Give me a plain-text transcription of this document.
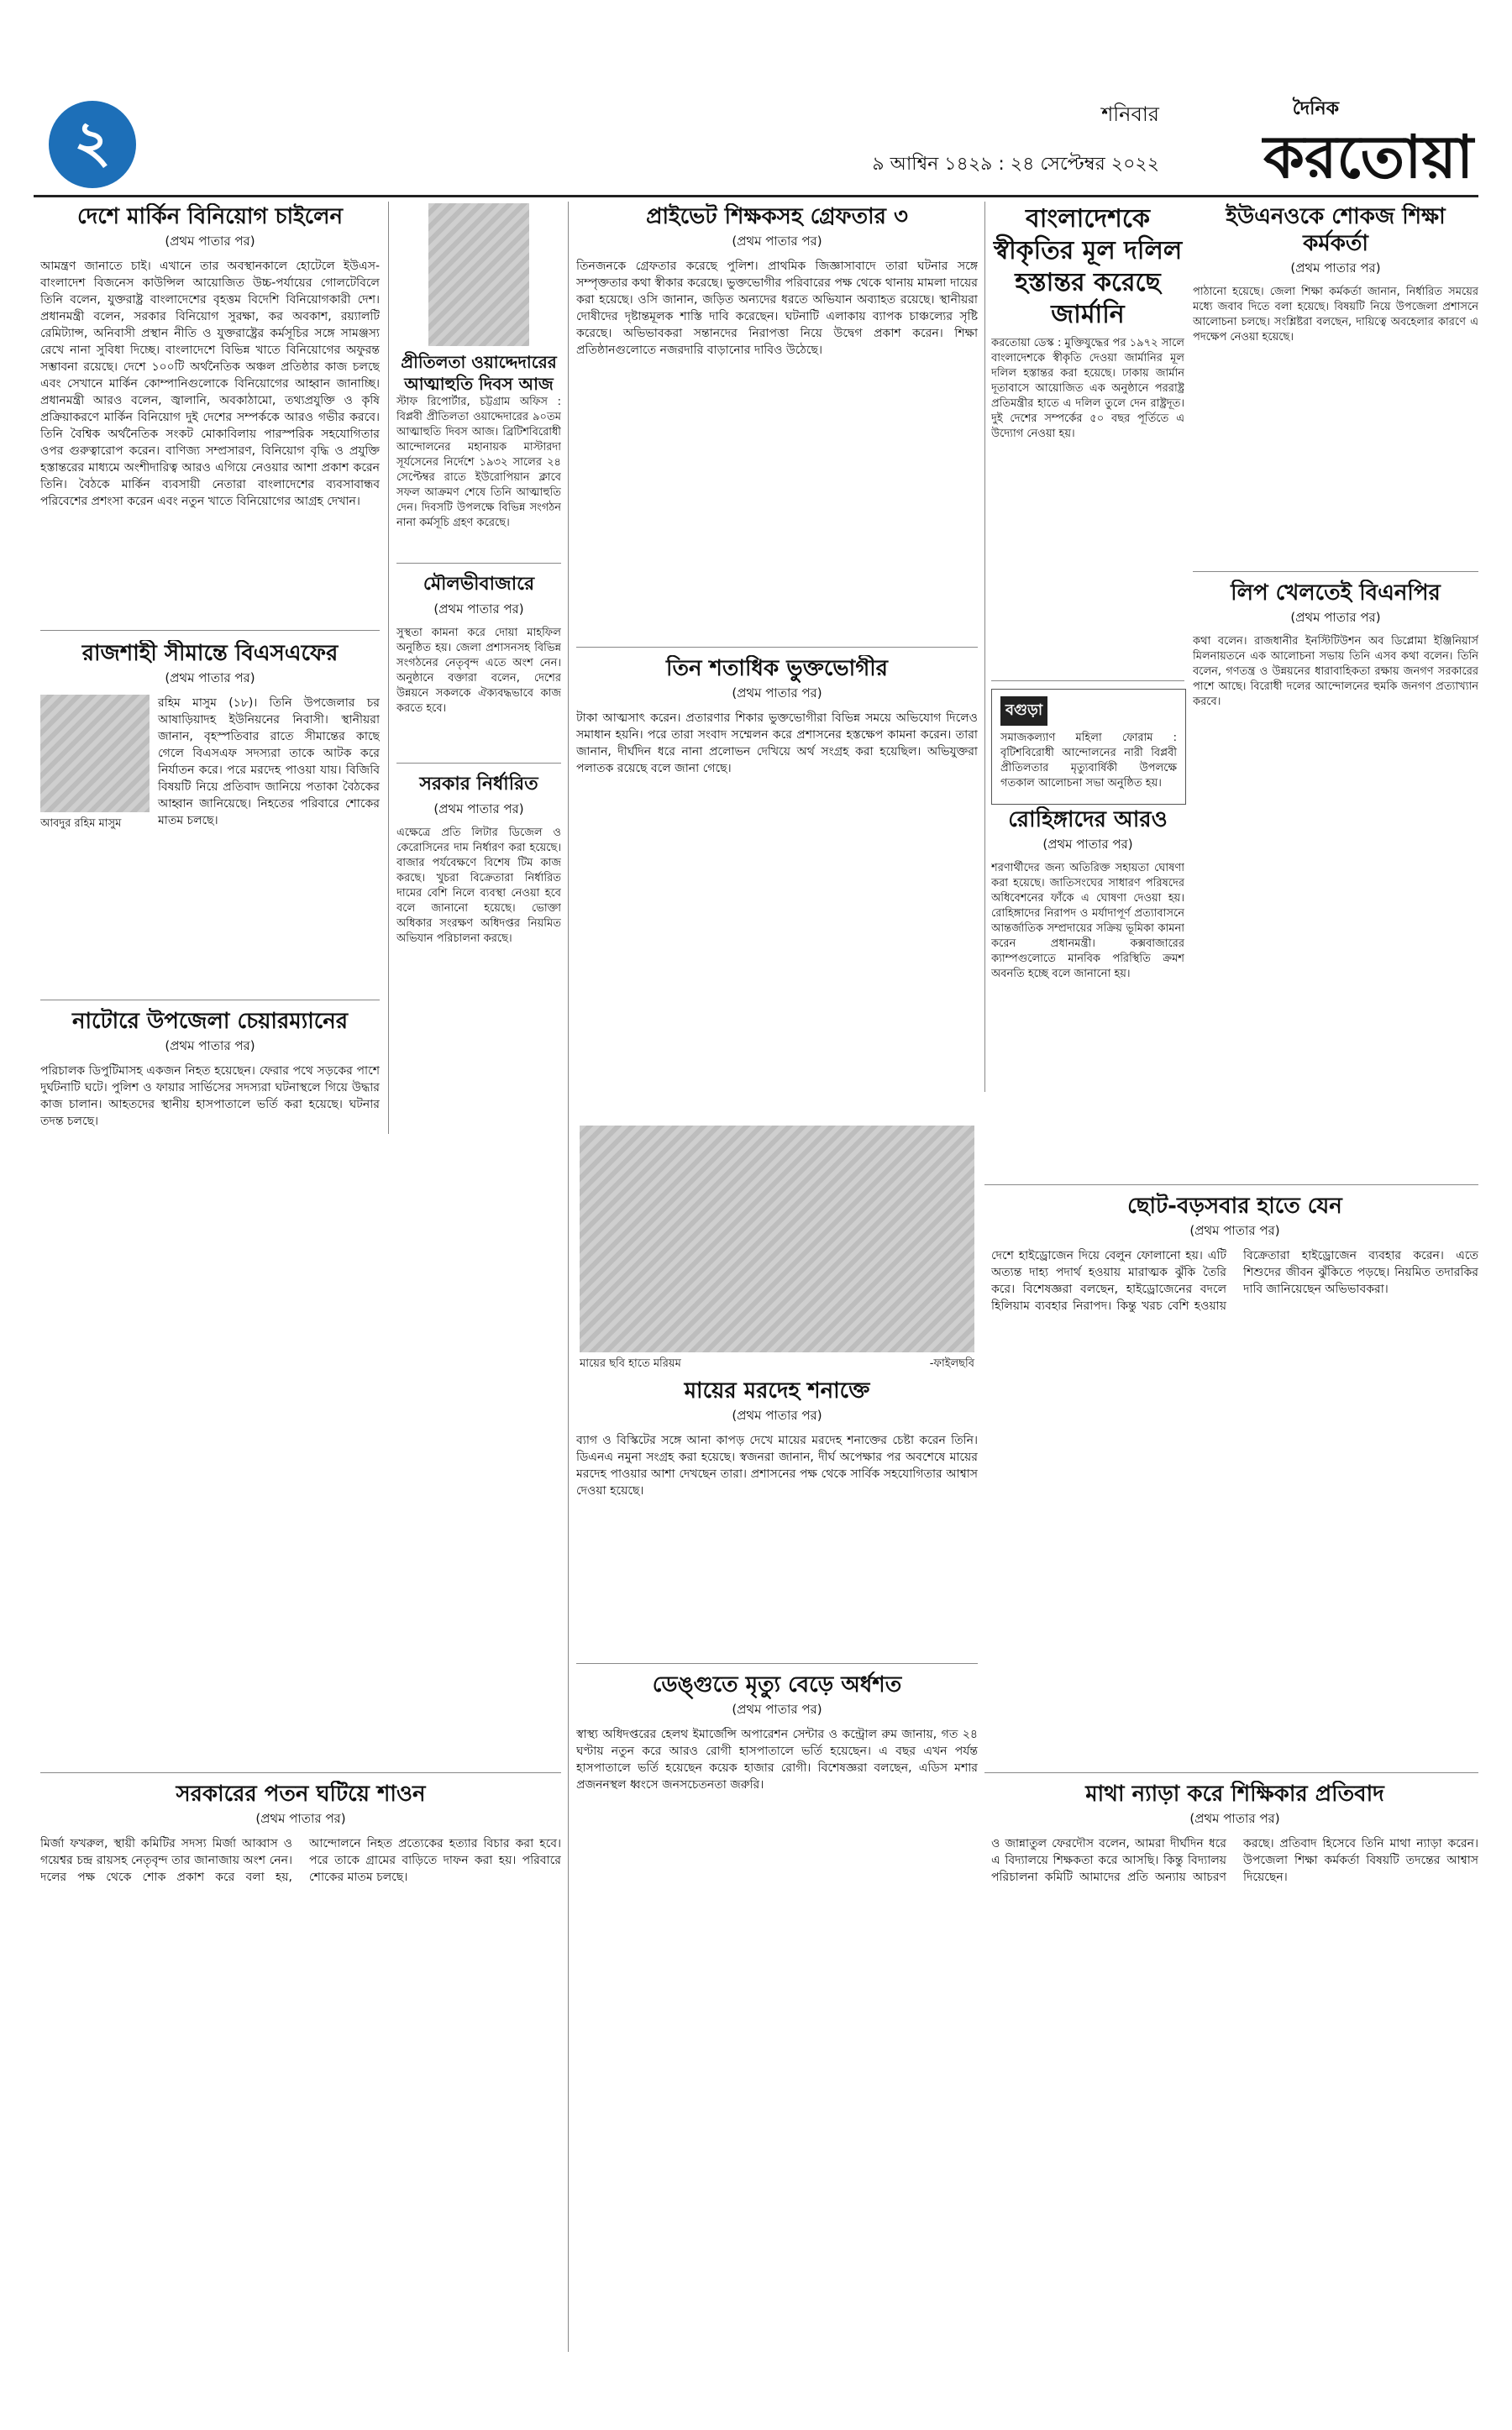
২	শনিবার
৯ আশ্বিন ১৪২৯ : ২৪ সেপ্টেম্বর ২০২২
দৈনিক
করতোয়া
দেশে মার্কিন বিনিয়োগ চাইলেন
(প্রথম পাতার পর)
আমন্ত্রণ জানাতে চাই। এখানে তার অবস্থানকালে হোটেলে ইউএস-বাংলাদেশ বিজনেস কাউন্সিল আয়োজিত উচ্চ-পর্যায়ের গোলটেবিলে তিনি বলেন, যুক্তরাষ্ট্র বাংলাদেশের বৃহত্তম বিদেশি বিনিয়োগকারী দেশ। প্রধানমন্ত্রী বলেন, সরকার বিনিয়োগ সুরক্ষা, কর অবকাশ, রয়্যালটি রেমিট্যান্স, অনিবাসী প্রস্থান নীতি ও যুক্তরাষ্ট্রের কর্মসূচির সঙ্গে সামঞ্জস্য রেখে নানা সুবিধা দিচ্ছে। বাংলাদেশে বিভিন্ন খাতে বিনিয়োগের অফুরন্ত সম্ভাবনা রয়েছে। দেশে ১০০টি অর্থনৈতিক অঞ্চল প্রতিষ্ঠার কাজ চলছে এবং সেখানে মার্কিন কোম্পানিগুলোকে বিনিয়োগের আহ্বান জানাচ্ছি। প্রধানমন্ত্রী আরও বলেন, জ্বালানি, অবকাঠামো, তথ্যপ্রযুক্তি ও কৃষি প্রক্রিয়াকরণে মার্কিন বিনিয়োগ দুই দেশের সম্পর্ককে আরও গভীর করবে। তিনি বৈশ্বিক অর্থনৈতিক সংকট মোকাবিলায় পারস্পরিক সহযোগিতার ওপর গুরুত্বারোপ করেন। বাণিজ্য সম্প্রসারণ, বিনিয়োগ বৃদ্ধি ও প্রযুক্তি হস্তান্তরের মাধ্যমে অংশীদারিত্ব আরও এগিয়ে নেওয়ার আশা প্রকাশ করেন তিনি। বৈঠকে মার্কিন ব্যবসায়ী নেতারা বাংলাদেশের ব্যবসাবান্ধব পরিবেশের প্রশংসা করেন এবং নতুন খাতে বিনিয়োগের আগ্রহ দেখান।
রাজশাহী সীমান্তে বিএসএফের
(প্রথম পাতার পর)
আবদুর রহিম মাসুম
রহিম মাসুম (১৮)। তিনি উপজেলার চর আষাড়িয়াদহ ইউনিয়নের নিবাসী। স্থানীয়রা জানান, বৃহস্পতিবার রাতে সীমান্তের কাছে গেলে বিএসএফ সদস্যরা তাকে আটক করে নির্যাতন করে। পরে মরদেহ পাওয়া যায়। বিজিবি বিষয়টি নিয়ে প্রতিবাদ জানিয়ে পতাকা বৈঠকের আহ্বান জানিয়েছে। নিহতের পরিবারে শোকের মাতম চলছে।
নাটোরে উপজেলা চেয়ারম্যানের
(প্রথম পাতার পর)
পরিচালক ডিপুটিমাসহ একজন নিহত হয়েছেন। ফেরার পথে সড়কের পাশে দুর্ঘটনাটি ঘটে। পুলিশ ও ফায়ার সার্ভিসের সদস্যরা ঘটনাস্থলে গিয়ে উদ্ধার কাজ চালান। আহতদের স্থানীয় হাসপাতালে ভর্তি করা হয়েছে। ঘটনার তদন্ত চলছে।
প্রীতিলতা ওয়াদ্দেদারের আত্মাহুতি দিবস আজ
স্টাফ রিপোর্টার, চট্টগ্রাম অফিস : বিপ্লবী প্রীতিলতা ওয়াদ্দেদারের ৯০তম আত্মাহুতি দিবস আজ। ব্রিটিশবিরোধী আন্দোলনের মহানায়ক মাস্টারদা সূর্যসেনের নির্দেশে ১৯৩২ সালের ২৪ সেপ্টেম্বর রাতে ইউরোপিয়ান ক্লাবে সফল আক্রমণ শেষে তিনি আত্মাহুতি দেন। দিবসটি উপলক্ষে বিভিন্ন সংগঠন নানা কর্মসূচি গ্রহণ করেছে।
মৌলভীবাজারে
(প্রথম পাতার পর)
সুস্থতা কামনা করে দোয়া মাহফিল অনুষ্ঠিত হয়। জেলা প্রশাসনসহ বিভিন্ন সংগঠনের নেতৃবৃন্দ এতে অংশ নেন। অনুষ্ঠানে বক্তারা বলেন, দেশের উন্নয়নে সকলকে ঐক্যবদ্ধভাবে কাজ করতে হবে।
সরকার নির্ধারিত
(প্রথম পাতার পর)
এক্ষেত্রে প্রতি লিটার ডিজেল ও কেরোসিনের দাম নির্ধারণ করা হয়েছে। বাজার পর্যবেক্ষণে বিশেষ টিম কাজ করছে। খুচরা বিক্রেতারা নির্ধারিত দামের বেশি নিলে ব্যবস্থা নেওয়া হবে বলে জানানো হয়েছে। ভোক্তা অধিকার সংরক্ষণ অধিদপ্তর নিয়মিত অভিযান পরিচালনা করছে।
প্রাইভেট শিক্ষকসহ গ্রেফতার ৩
(প্রথম পাতার পর)
তিনজনকে গ্রেফতার করেছে পুলিশ। প্রাথমিক জিজ্ঞাসাবাদে তারা ঘটনার সঙ্গে সম্পৃক্ততার কথা স্বীকার করেছে। ভুক্তভোগীর পরিবারের পক্ষ থেকে থানায় মামলা দায়ের করা হয়েছে। ওসি জানান, জড়িত অন্যদের ধরতে অভিযান অব্যাহত রয়েছে। স্থানীয়রা দোষীদের দৃষ্টান্তমূলক শাস্তি দাবি করেছেন। ঘটনাটি এলাকায় ব্যাপক চাঞ্চল্যের সৃষ্টি করেছে। অভিভাবকরা সন্তানদের নিরাপত্তা নিয়ে উদ্বেগ প্রকাশ করেন। শিক্ষা প্রতিষ্ঠানগুলোতে নজরদারি বাড়ানোর দাবিও উঠেছে।
তিন শতাধিক ভুক্তভোগীর
(প্রথম পাতার পর)
টাকা আত্মসাৎ করেন। প্রতারণার শিকার ভুক্তভোগীরা বিভিন্ন সময়ে অভিযোগ দিলেও সমাধান হয়নি। পরে তারা সংবাদ সম্মেলন করে প্রশাসনের হস্তক্ষেপ কামনা করেন। তারা জানান, দীর্ঘদিন ধরে নানা প্রলোভন দেখিয়ে অর্থ সংগ্রহ করা হয়েছিল। অভিযুক্তরা পলাতক রয়েছে বলে জানা গেছে।
মায়ের ছবি হাতে মরিয়ম	-ফাইলছবি
মায়ের মরদেহ শনাক্তে
(প্রথম পাতার পর)
ব্যাগ ও বিস্কিটের সঙ্গে আনা কাপড় দেখে মায়ের মরদেহ শনাক্তের চেষ্টা করেন তিনি। ডিএনএ নমুনা সংগ্রহ করা হয়েছে। স্বজনরা জানান, দীর্ঘ অপেক্ষার পর অবশেষে মায়ের মরদেহ পাওয়ার আশা দেখছেন তারা। প্রশাসনের পক্ষ থেকে সার্বিক সহযোগিতার আশ্বাস দেওয়া হয়েছে।
ডেঙ্গুতে মৃত্যু বেড়ে অর্ধশত
(প্রথম পাতার পর)
স্বাস্থ্য অধিদপ্তরের হেলথ ইমার্জেন্সি অপারেশন সেন্টার ও কন্ট্রোল রুম জানায়, গত ২৪ ঘণ্টায় নতুন করে আরও রোগী হাসপাতালে ভর্তি হয়েছেন। এ বছর এখন পর্যন্ত হাসপাতালে ভর্তি হয়েছেন কয়েক হাজার রোগী। বিশেষজ্ঞরা বলছেন, এডিস মশার প্রজননস্থল ধ্বংসে জনসচেতনতা জরুরি।
বাংলাদেশকে স্বীকৃতির মূল দলিল হস্তান্তর করেছে জার্মানি
করতোয়া ডেস্ক : মুক্তিযুদ্ধের পর ১৯৭২ সালে বাংলাদেশকে স্বীকৃতি দেওয়া জার্মানির মূল দলিল হস্তান্তর করা হয়েছে। ঢাকায় জার্মান দূতাবাসে আয়োজিত এক অনুষ্ঠানে পররাষ্ট্র প্রতিমন্ত্রীর হাতে এ দলিল তুলে দেন রাষ্ট্রদূত। দুই দেশের সম্পর্কের ৫০ বছর পূর্তিতে এ উদ্যোগ নেওয়া হয়।
বগুড়া
সমাজকল্যাণ মহিলা ফোরাম : বৃটিশবিরোধী আন্দোলনের নারী বিপ্লবী প্রীতিলতার মৃত্যুবার্ষিকী উপলক্ষে গতকাল আলোচনা সভা অনুষ্ঠিত হয়।
রোহিঙ্গাদের আরও
(প্রথম পাতার পর)
শরণার্থীদের জন্য অতিরিক্ত সহায়তা ঘোষণা করা হয়েছে। জাতিসংঘের সাধারণ পরিষদের অধিবেশনের ফাঁকে এ ঘোষণা দেওয়া হয়। রোহিঙ্গাদের নিরাপদ ও মর্যাদাপূর্ণ প্রত্যাবাসনে আন্তর্জাতিক সম্প্রদায়ের সক্রিয় ভূমিকা কামনা করেন প্রধানমন্ত্রী। কক্সবাজারের ক্যাম্পগুলোতে মানবিক পরিস্থিতি ক্রমশ অবনতি হচ্ছে বলে জানানো হয়।
ইউএনওকে শোকজ শিক্ষা কর্মকর্তা
(প্রথম পাতার পর)
পাঠানো হয়েছে। জেলা শিক্ষা কর্মকর্তা জানান, নির্ধারিত সময়ের মধ্যে জবাব দিতে বলা হয়েছে। বিষয়টি নিয়ে উপজেলা প্রশাসনে আলোচনা চলছে। সংশ্লিষ্টরা বলছেন, দায়িত্বে অবহেলার কারণে এ পদক্ষেপ নেওয়া হয়েছে।
লিপ খেলতেই বিএনপির
(প্রথম পাতার পর)
কথা বলেন। রাজধানীর ইনস্টিটিউশন অব ডিপ্লোমা ইঞ্জিনিয়ার্স মিলনায়তনে এক আলোচনা সভায় তিনি এসব কথা বলেন। তিনি বলেন, গণতন্ত্র ও উন্নয়নের ধারাবাহিকতা রক্ষায় জনগণ সরকারের পাশে আছে। বিরোধী দলের আন্দোলনের হুমকি জনগণ প্রত্যাখ্যান করবে।
ছোট-বড়সবার হাতে যেন
(প্রথম পাতার পর)
দেশে হাইড্রোজেন দিয়ে বেলুন ফোলানো হয়। এটি অত্যন্ত দাহ্য পদার্থ হওয়ায় মারাত্মক ঝুঁকি তৈরি করে। বিশেষজ্ঞরা বলছেন, হাইড্রোজেনের বদলে হিলিয়াম ব্যবহার নিরাপদ। কিন্তু খরচ বেশি হওয়ায় বিক্রেতারা হাইড্রোজেন ব্যবহার করেন। এতে শিশুদের জীবন ঝুঁকিতে পড়ছে। নিয়মিত তদারকির দাবি জানিয়েছেন অভিভাবকরা।
সরকারের পতন ঘটিয়ে শাওন
(প্রথম পাতার পর)
মির্জা ফখরুল, স্থায়ী কমিটির সদস্য মির্জা আব্বাস ও গয়েশ্বর চন্দ্র রায়সহ নেতৃবৃন্দ তার জানাজায় অংশ নেন। দলের পক্ষ থেকে শোক প্রকাশ করে বলা হয়, আন্দোলনে নিহত প্রত্যেকের হত্যার বিচার করা হবে। পরে তাকে গ্রামের বাড়িতে দাফন করা হয়। পরিবারে শোকের মাতম চলছে।
মাথা ন্যাড়া করে শিক্ষিকার প্রতিবাদ
(প্রথম পাতার পর)
ও জান্নাতুল ফেরদৌস বলেন, আমরা দীর্ঘদিন ধরে এ বিদ্যালয়ে শিক্ষকতা করে আসছি। কিন্তু বিদ্যালয় পরিচালনা কমিটি আমাদের প্রতি অন্যায় আচরণ করছে। প্রতিবাদ হিসেবে তিনি মাথা ন্যাড়া করেন। উপজেলা শিক্ষা কর্মকর্তা বিষয়টি তদন্তের আশ্বাস দিয়েছেন।
